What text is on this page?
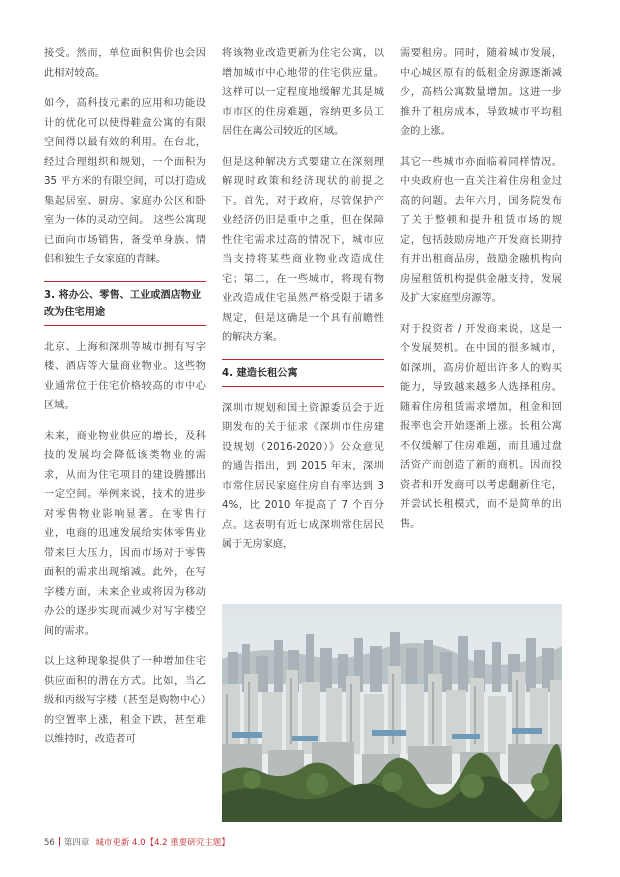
接受。然而，单位面积售价也会因此相对较高。

如今，高科技元素的应用和功能设计的优化可以使得鞋盒公寓的有限空间得以最有效的利用。在台北，经过合理组织和规划，一个面积为 35 平方米的有限空间，可以打造成集起居室、厨房、家庭办公区和卧室为一体的灵动空间。 这些公寓现已面向市场销售，备受单身族、情侣和独生子女家庭的青睐。

3. 将办公、零售、工业或酒店物业改为住宅用途

北京、上海和深圳等城市拥有写字楼、酒店等大量商业物业。这些物业通常位于住宅价格较高的市中心区域。

未来，商业物业供应的增长，及科技的发展均会降低该类物业的需求，从而为住宅项目的建设腾挪出一定空间。举例来说，技术的进步对零售物业影响显著。在零售行业，电商的迅速发展给实体零售业带来巨大压力，因而市场对于零售面积的需求出现缩减。此外，在写字楼方面，未来企业或将因为移动办公的逐步实现而减少对写字楼空间的需求。

以上这种现象提供了一种增加住宅供应面积的潜在方式。比如，当乙级和丙级写字楼（甚至是购物中心）的空置率上涨，租金下跌，甚至难以维持时，改造者可

将该物业改造更新为住宅公寓，以增加城市中心地带的住宅供应量。这样可以一定程度地缓解尤其是城市市区的住房难题，容纳更多员工居住在离公司较近的区域。

但是这种解决方式要建立在深刻理解现时政策和经济现状的前提之下。首先，对于政府，尽管保护产业经济仍旧是重中之重，但在保障性住宅需求过高的情况下，城市应当支持将某些商业物业改造成住宅；第二，在一些城市，将现有物业改造成住宅虽然严格受限于诸多规定，但是这确是一个具有前瞻性的解决方案。

4. 建造长租公寓

深圳市规划和国土资源委员会于近期发布的关于征求《深圳市住房建设规划（2016-2020）》公众意见的通告指出，到 2015 年末，深圳市常住居民家庭住房自有率达到 34%，比 2010 年提高了 7 个百分点。这表明有近七成深圳常住居民属于无房家庭，

需要租房。同时，随着城市发展，中心城区原有的低租金房源逐渐减少，高档公寓数量增加。这进一步推升了租房成本，导致城市平均租金的上涨。

其它一些城市亦面临着同样情况。中央政府也一直关注着住房租金过高的问题。去年六月，国务院发布了关于整顿和提升租赁市场的规定，包括鼓励房地产开发商长期持有并出租商品房，鼓励金融机构向房屋租赁机构提供金融支持，发展及扩大家庭型房源等。

对于投资者 / 开发商来说，这是一个发展契机。在中国的很多城市，如深圳，高房价超出许多人的购买能力，导致越来越多人选择租房。随着住房租赁需求增加，租金和回报率也会开始逐渐上涨。长租公寓不仅缓解了住房难题，而且通过盘活资产而创造了新的商机。因而投资者和开发商可以考虑翻新住宅，并尝试长租模式，而不是简单的出售。

56 第四章 城市更新 4.0【4.2 重要研究主题】
